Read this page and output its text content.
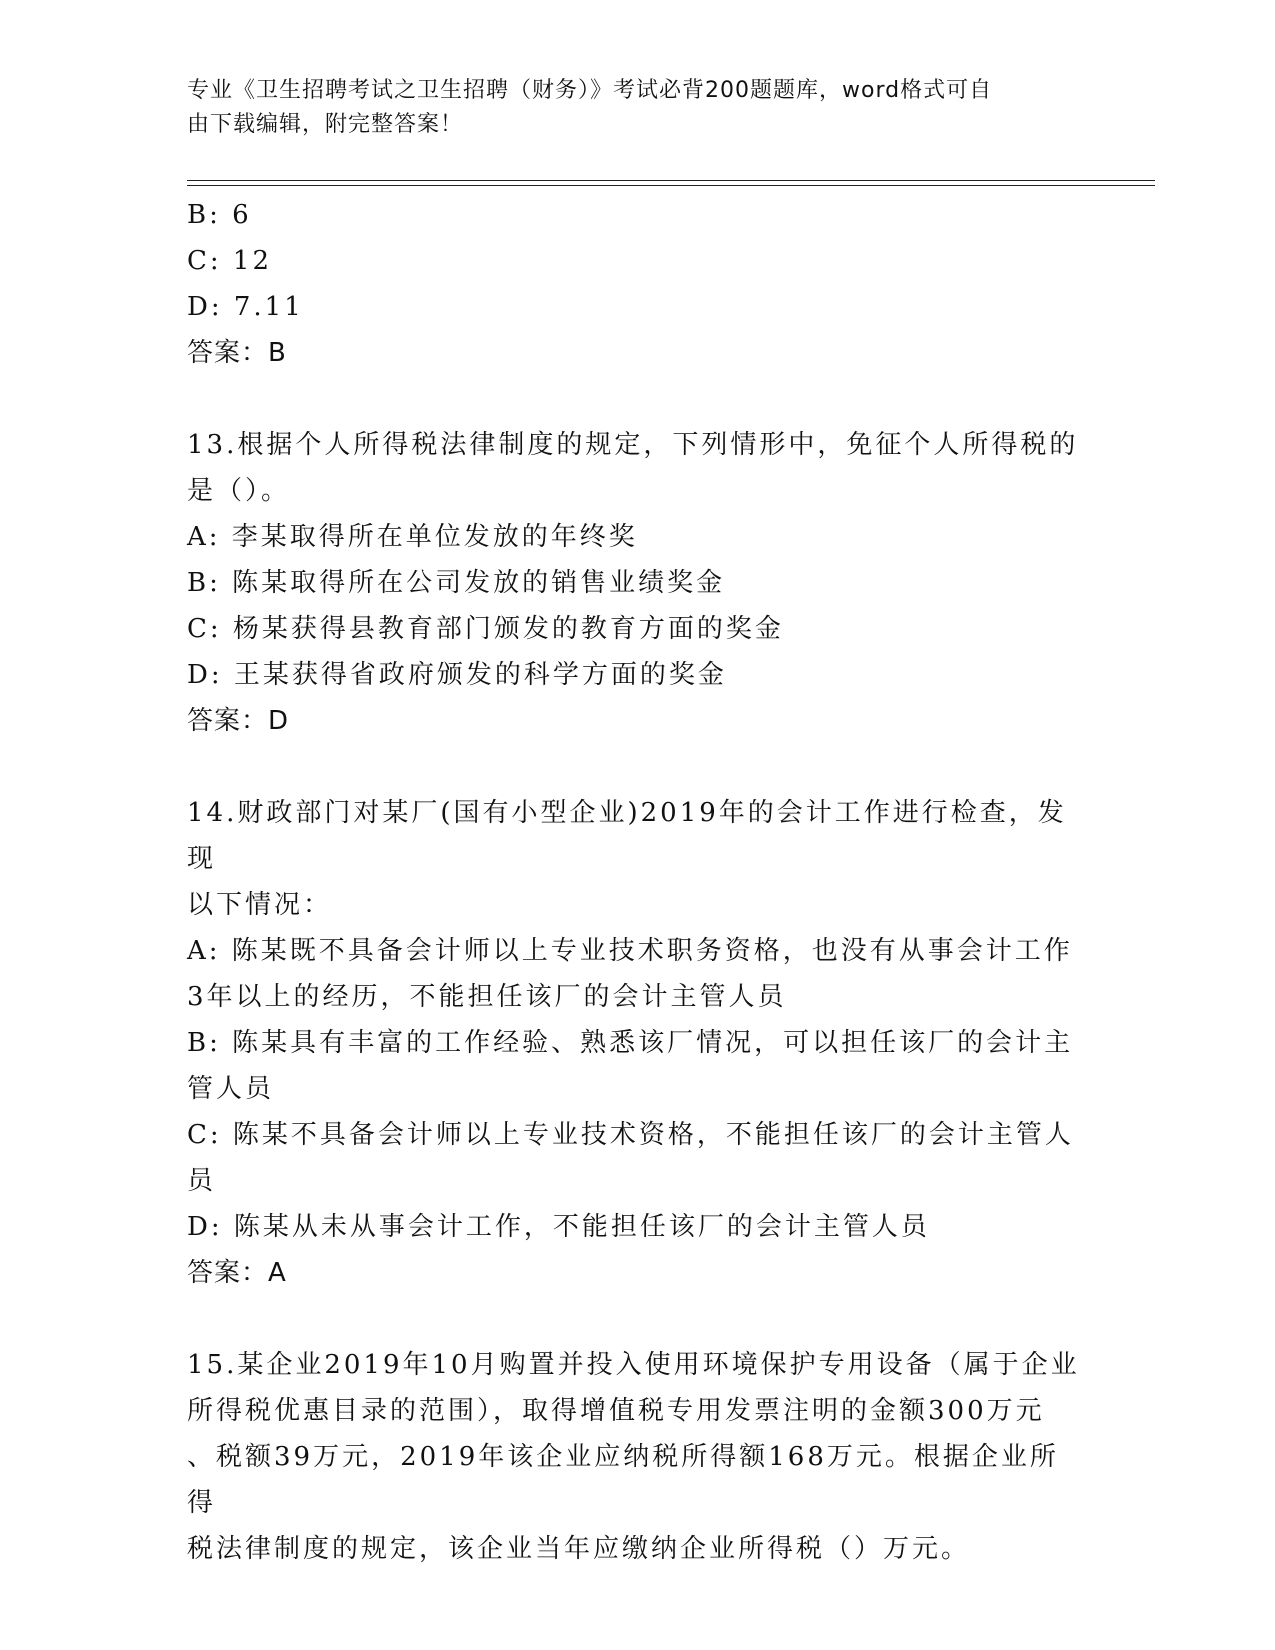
专业《卫生招聘考试之卫生招聘（财务）》考试必背200题题库，word格式可自
由下载编辑，附完整答案！
B: 6
C: 12
D: 7.11
答案：B
13.根据个人所得税法律制度的规定，下列情形中，免征个人所得税的
是（）。
A: 李某取得所在单位发放的年终奖
B: 陈某取得所在公司发放的销售业绩奖金
C: 杨某获得县教育部门颁发的教育方面的奖金
D: 王某获得省政府颁发的科学方面的奖金
答案：D
14.财政部门对某厂(国有小型企业)2019年的会计工作进行检查，发现
以下情况：
A: 陈某既不具备会计师以上专业技术职务资格，也没有从事会计工作
3年以上的经历，不能担任该厂的会计主管人员
B: 陈某具有丰富的工作经验、熟悉该厂情况，可以担任该厂的会计主
管人员
C: 陈某不具备会计师以上专业技术资格，不能担任该厂的会计主管人
员
D: 陈某从未从事会计工作，不能担任该厂的会计主管人员
答案：A
15.某企业2019年10月购置并投入使用环境保护专用设备（属于企业
所得税优惠目录的范围），取得增值税专用发票注明的金额300万元
、税额39万元，2019年该企业应纳税所得额168万元。根据企业所得
税法律制度的规定，该企业当年应缴纳企业所得税（）万元。
